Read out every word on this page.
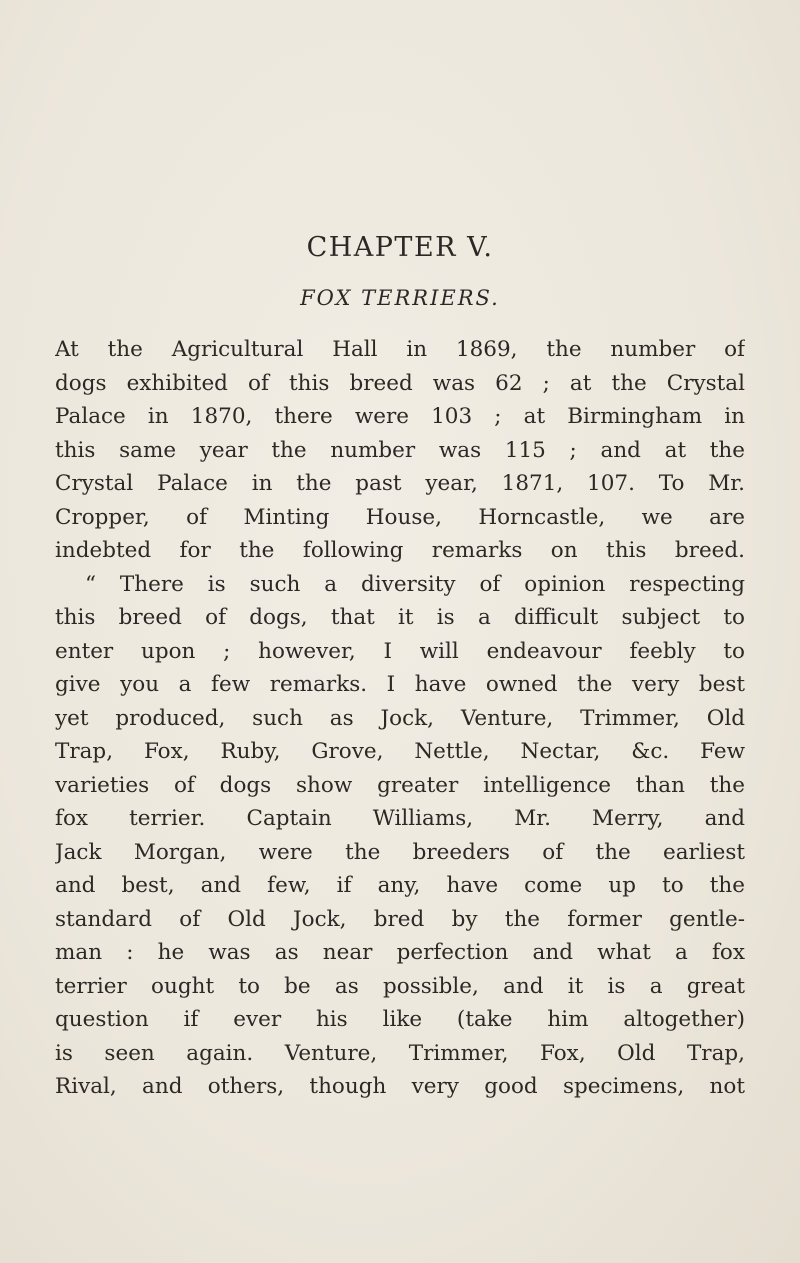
CHAPTER V.
FOX TERRIERS.
At the Agricultural Hall in 1869, the number of
dogs exhibited of this breed was 62 ; at the Crystal
Palace in 1870, there were 103 ; at Birmingham in
this same year the number was 115 ; and at the
Crystal Palace in the past year, 1871, 107. To Mr.
Cropper, of Minting House, Horncastle, we are
indebted for the following remarks on this breed.
“ There is such a diversity of opinion respecting
this breed of dogs, that it is a difficult subject to
enter upon ; however, I will endeavour feebly to
give you a few remarks. I have owned the very best
yet produced, such as Jock, Venture, Trimmer, Old
Trap, Fox, Ruby, Grove, Nettle, Nectar, &c. Few
varieties of dogs show greater intelligence than the
fox terrier. Captain Williams, Mr. Merry, and
Jack Morgan, were the breeders of the earliest
and best, and few, if any, have come up to the
standard of Old Jock, bred by the former gentle-
man : he was as near perfection and what a fox
terrier ought to be as possible, and it is a great
question if ever his like (take him altogether)
is seen again. Venture, Trimmer, Fox, Old Trap,
Rival, and others, though very good specimens, not
